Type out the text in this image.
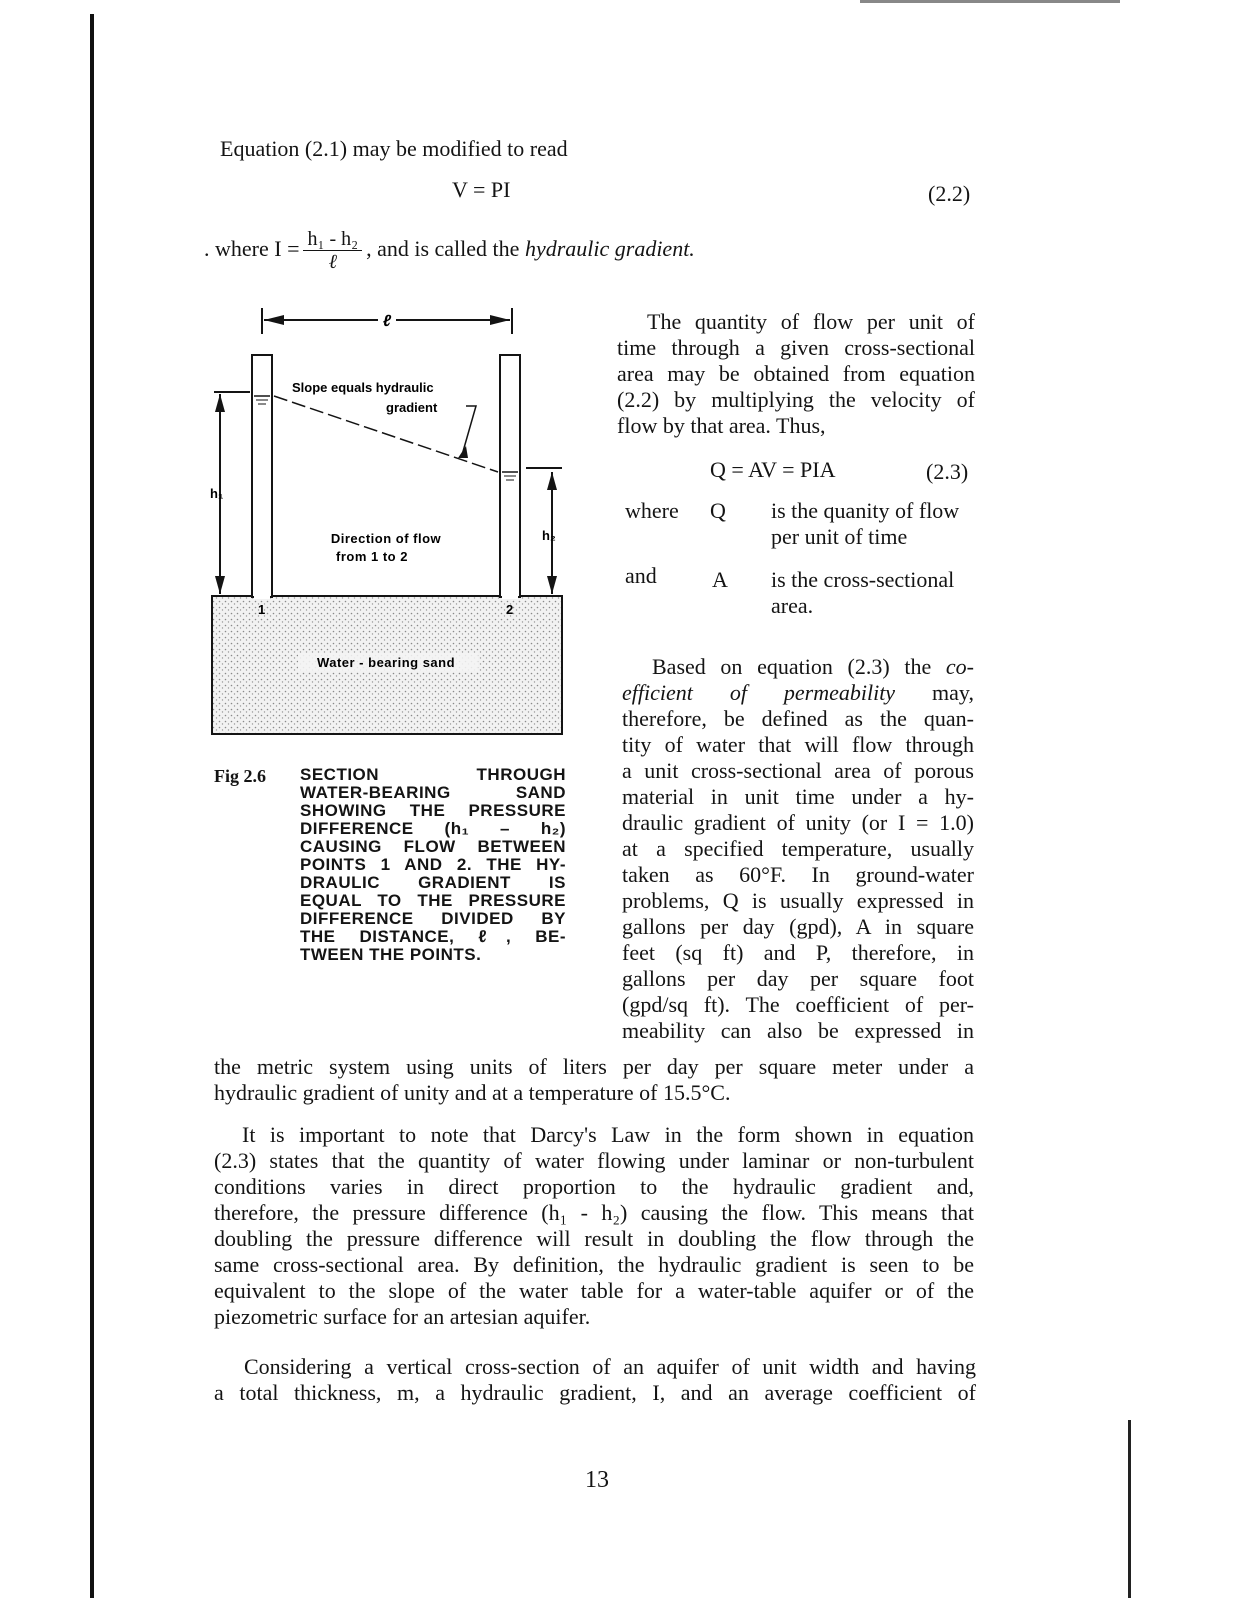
Equation (2.1) may be modified to read
V = PI	(2.2)
. where $I = \frac{\text{h₁ - h₂}}{\text{ℓ}}$ , and is called the hydraulic gradient.
ℓ
h₁
h₂
Slope equals hydraulic
gradient
Direction of flow
from 1 to 2
1	2
Water - bearing sand
Fig 2.6 SECTION THROUGH
WATER-BEARING SAND
SHOWING THE PRESSURE
DIFFERENCE (h₁ – h₂)
CAUSING FLOW BETWEEN
POINTS 1 AND 2. THE HY-
DRAULIC GRADIENT IS
EQUAL TO THE PRESSURE
DIFFERENCE DIVIDED BY
THE DISTANCE, ℓ, BE-
TWEEN THE POINTS.
The quantity of flow per unit of
time through a given cross-sectional
area may be obtained from equation
(2.2) by multiplying the velocity of
flow by that area. Thus,
Q = AV = PIA	(2.3)
where Q is the quanity of flow
per unit of time
and	A is the cross-sectional
area.
Based on equation (2.3) the co-
efficient of permeability may,
therefore, be defined as the quan-
tity of water that will flow through
a unit cross-sectional area of porous
material in unit time under a hy-
draulic gradient of unity (or I = 1.0)
at a specified temperature, usually
taken as 60°F. In ground-water
problems, Q is usually expressed in
gallons per day (gpd), A in square
feet (sq ft) and P, therefore, in
gallons per day per square foot
(gpd/sq ft). The coefficient of per-
meability can also be expressed in
the metric system using units of liters per day per square meter under a
hydraulic gradient of unity and at a temperature of 15.5°C.
It is important to note that Darcy's Law in the form shown in equation
(2.3) states that the quantity of water flowing under laminar or non-turbulent
conditions varies in direct proportion to the hydraulic gradient and,
therefore, the pressure difference (h₁ - h₂) causing the flow. This means that
doubling the pressure difference will result in doubling the flow through the
same cross-sectional area. By definition, the hydraulic gradient is seen to be
equivalent to the slope of the water table for a water-table aquifer or of the
piezometric surface for an artesian aquifer.
Considering a vertical cross-section of an aquifer of unit width and having
a total thickness, m, a hydraulic gradient, I, and an average coefficient of
13
